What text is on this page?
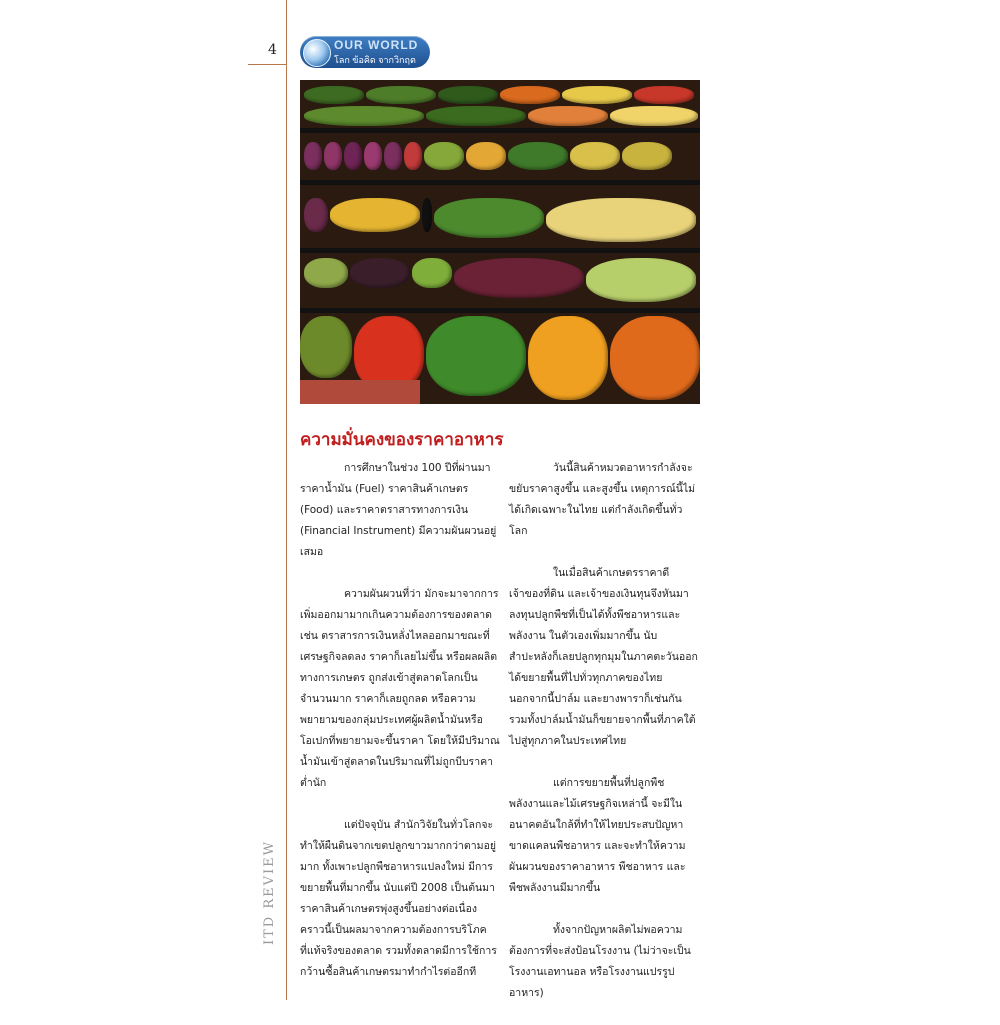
4
ITD REVIEW
OUR WORLD
โลก ข้อคิด จากวิกฤตเศรษฐกิจ
ความมั่นคงของราคาอาหาร

การศึกษาในช่วง 100 ปีที่ผ่านมา ราคาน้ำมัน (Fuel) ราคาสินค้าเกษตร (Food) และราคาตราสารทางการเงิน (Financial Instrument) มีความผันผวนอยู่เสมอ

ความผันผวนที่ว่า มักจะมาจากการเพิ่มออกมามากเกินความต้องการของตลาด เช่น ตราสารการเงินหลั่งไหลออกมาขณะที่เศรษฐกิจลดลง ราคาก็เลยไม่ขึ้น หรือผลผลิตทางการเกษตร ถูกส่งเข้าสู่ตลาดโลกเป็นจำนวนมาก ราคาก็เลยถูกลด หรือความพยายามของกลุ่มประเทศผู้ผลิตน้ำมันหรือโอเปกที่พยายามจะขึ้นราคา โดยให้มีปริมาณน้ำมันเข้าสู่ตลาดในปริมาณที่ไม่ถูกบีบราคาต่ำนัก

แต่ปัจจุบัน สำนักวิจัยในทั่วโลกจะทำให้ผืนดินจากเขตปลูกขาวมากกว่าตามอยู่มาก ทั้งเพาะปลูกพืชอาหารแปลงใหม่ มีการขยายพื้นที่มากขึ้น นับแต่ปี 2008 เป็นต้นมา ราคาสินค้าเกษตรพุ่งสูงขึ้นอย่างต่อเนื่อง คราวนี้เป็นผลมาจากความต้องการบริโภคที่แท้จริงของตลาด รวมทั้งตลาดมีการใช้การกว้านซื้อสินค้าเกษตรมาทำกำไรต่ออีกที

วันนี้สินค้าหมวดอาหารกำลังจะขยับราคาสูงขึ้น และสูงขึ้น เหตุการณ์นี้ไม่ได้เกิดเฉพาะในไทย แต่กำลังเกิดขึ้นทั่วโลก

ในเมื่อสินค้าเกษตรราคาดี เจ้าของที่ดิน และเจ้าของเงินทุนจึงหันมาลงทุนปลูกพืชที่เป็นได้ทั้งพืชอาหารและพลังงาน ในตัวเองเพิ่มมากขึ้น นับสำปะหลังก็เลยปลูกทุกมุมในภาคตะวันออก ได้ขยายพื้นที่ไปทั่วทุกภาคของไทย นอกจากนี้ปาล์ม และยางพาราก็เช่นกัน รวมทั้งปาล์มน้ำมันก็ขยายจากพื้นที่ภาคใต้ไปสู่ทุกภาคในประเทศไทย

แต่การขยายพื้นที่ปลูกพืชพลังงานและไม้เศรษฐกิจเหล่านี้ จะมีในอนาคตอันใกล้ที่ทำให้ไทยประสบปัญหาขาดแคลนพืชอาหาร และจะทำให้ความผันผวนของราคาอาหาร พืชอาหาร และพืชพลังงานมีมากขึ้น

ทั้งจากปัญหาผลิตไม่พอความต้องการที่จะส่งป้อนโรงงาน (ไม่ว่าจะเป็นโรงงานเอทานอล หรือโรงงานแปรรูปอาหาร)
